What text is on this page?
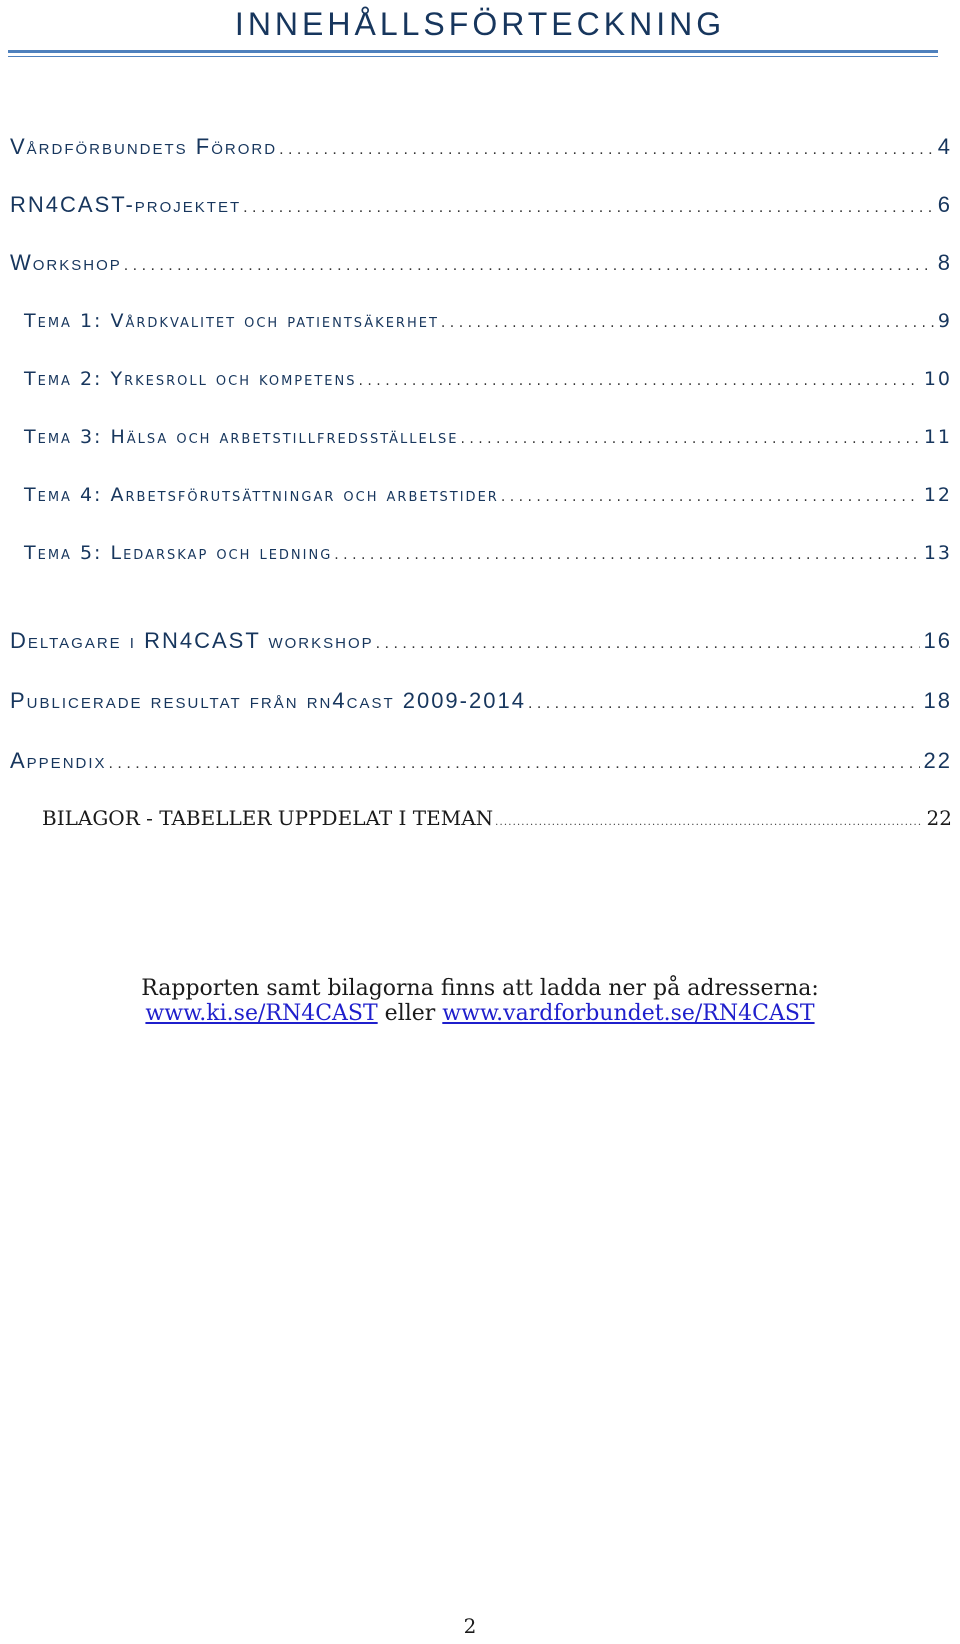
INNEHÅLLSFÖRTECKNING
Vårdförbundets Förord . . .	4
RN4CAST-projektet . . .	6
Workshop . . .	8
Tema 1: Vårdkvalitet och patientsäkerhet . . .	9
Tema 2: Yrkesroll och kompetens . . .	10
Tema 3: Hälsa och arbetstillfredsställelse . . .	11
Tema 4: Arbetsförutsättningar och arbetstider . . .	12
Tema 5: Ledarskap och ledning . . .	13
Deltagare i RN4CAST workshop . . .	16
Publicerade resultat från rn4cast 2009-2014 . . .	18
Appendix . . .	22
BILAGOR - TABELLER UPPDELAT I TEMAN . . .	22
Rapporten samt bilagorna finns att ladda ner på adresserna:
www.ki.se/RN4CAST eller www.vardforbundet.se/RN4CAST
2
